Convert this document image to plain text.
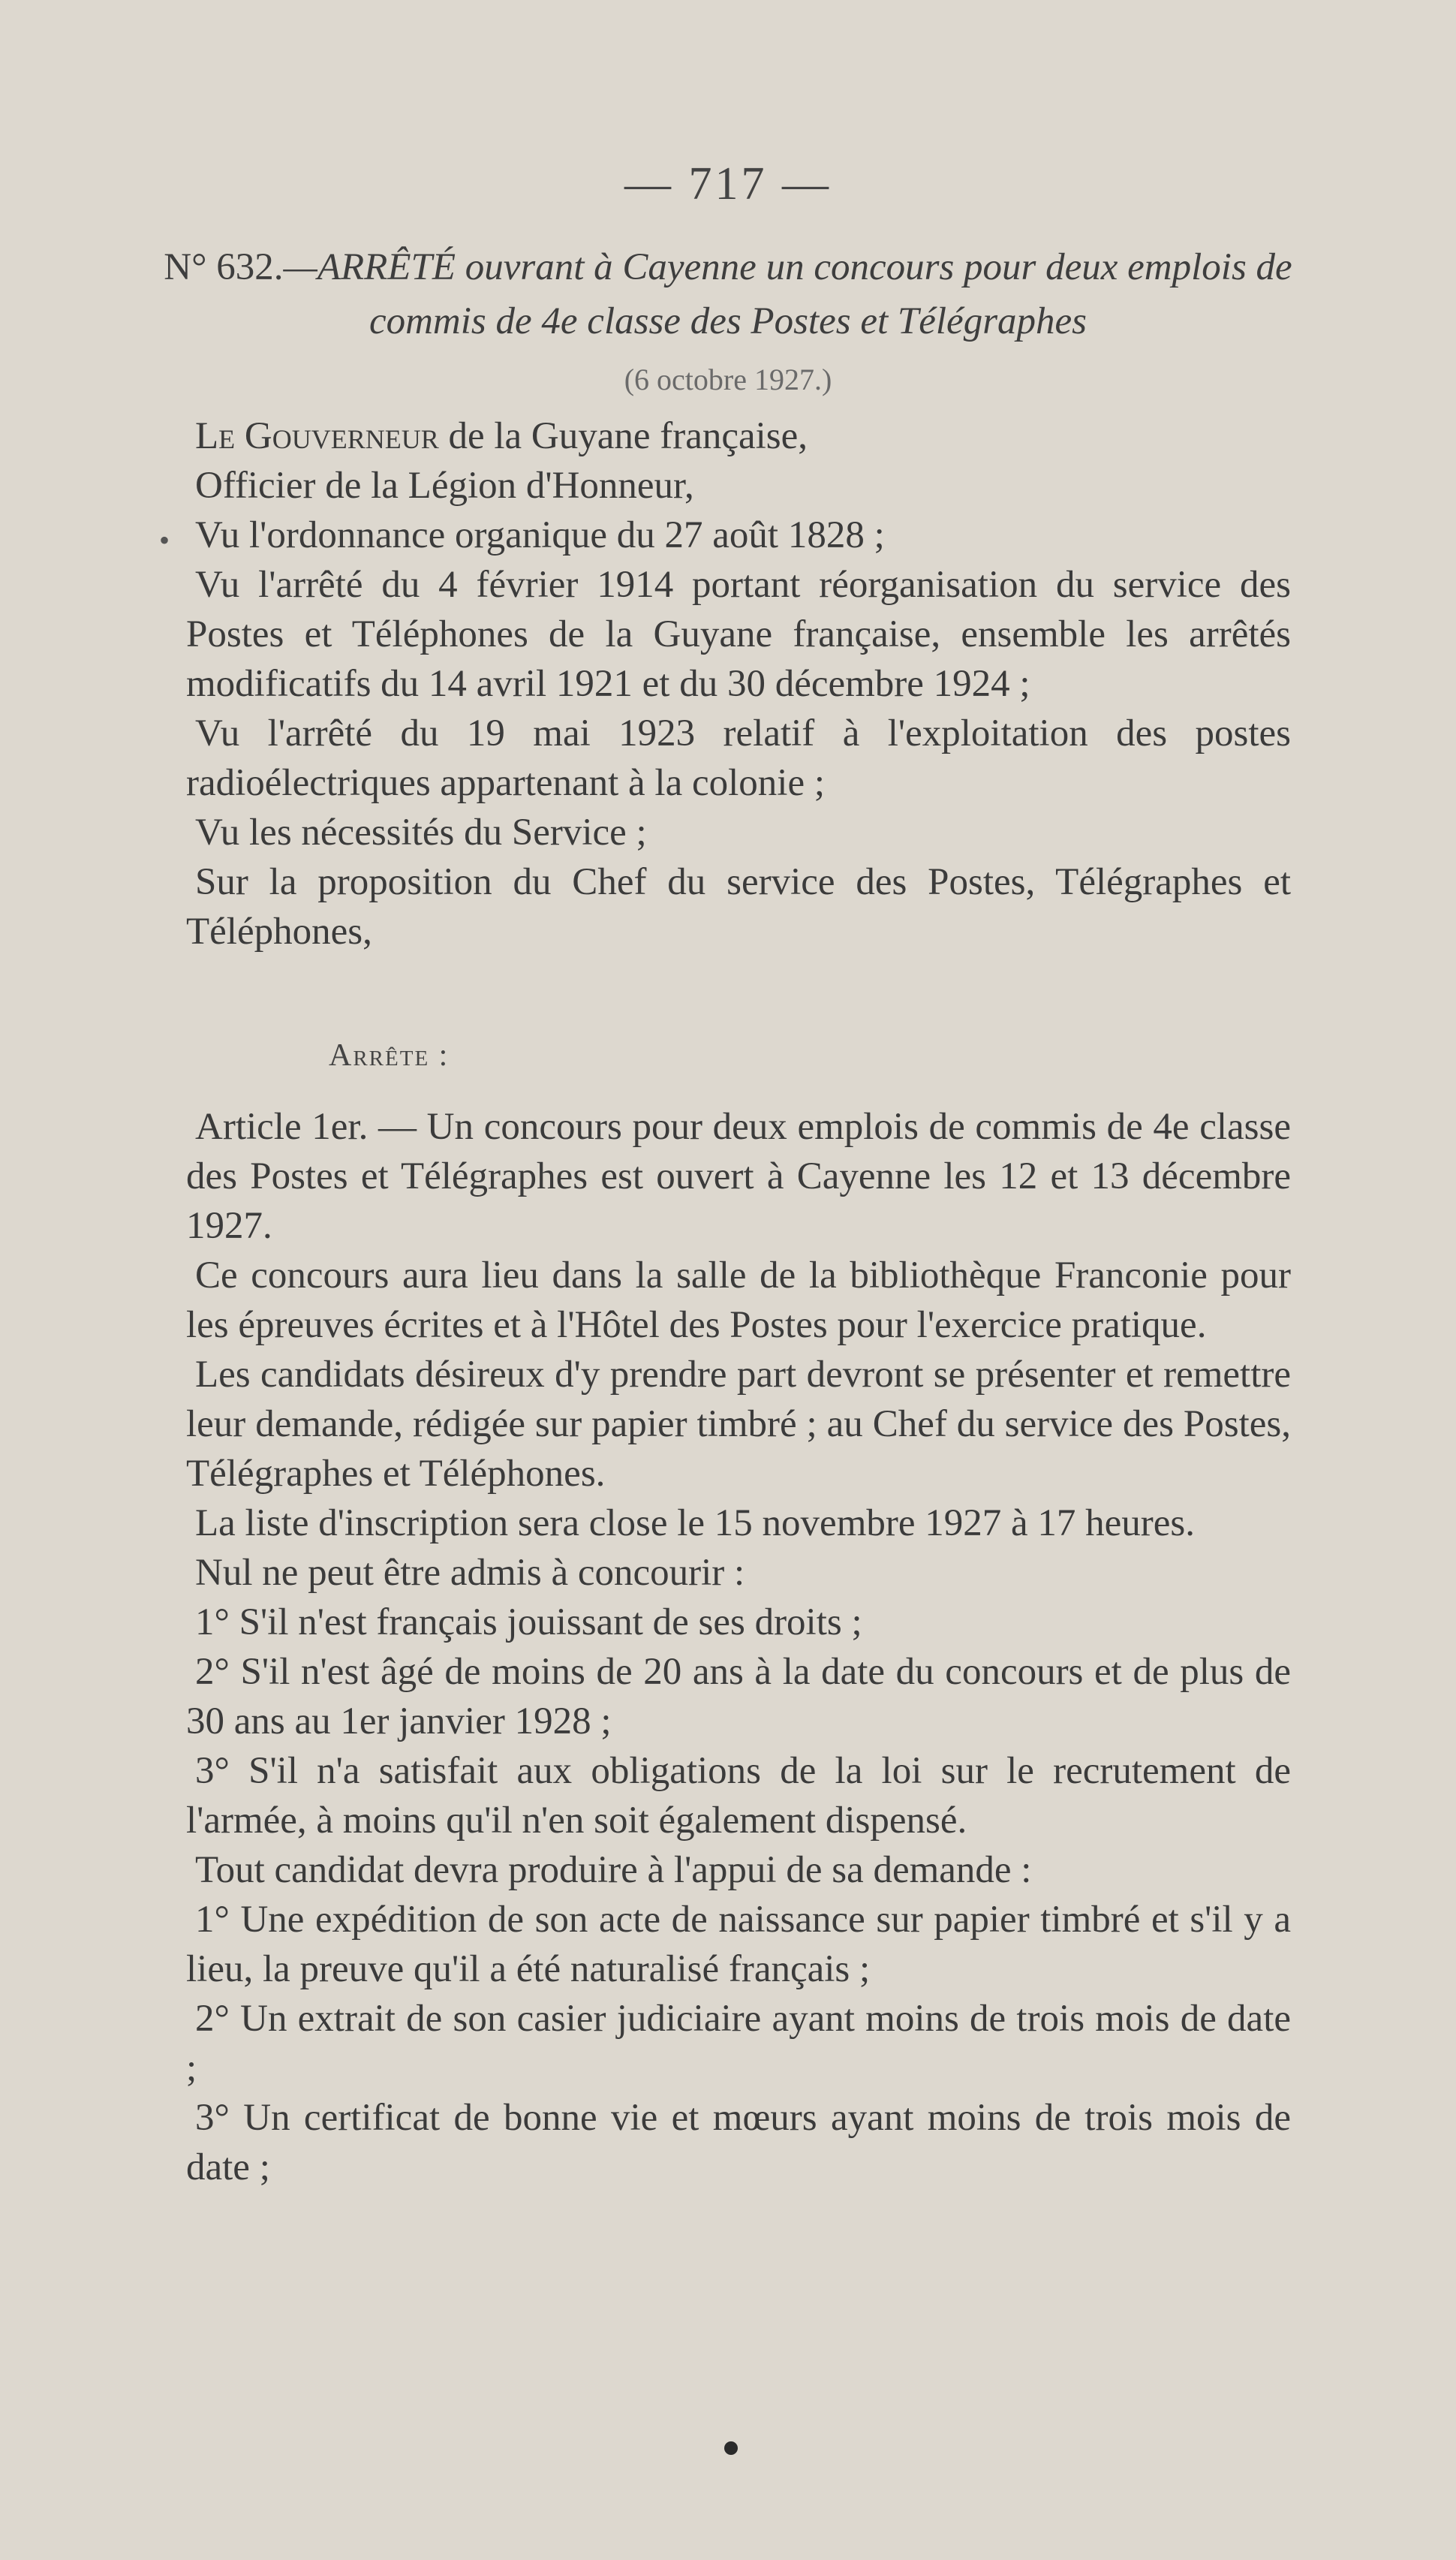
— 717 —
N° 632.—ARRÊTÉ ouvrant à Cayenne un concours pour deux emplois de commis de 4e classe des Postes et Télégraphes
(6 octobre 1927.)
•

Le Gouverneur de la Guyane française,

Officier de la Légion d'Honneur,

Vu l'ordonnance organique du 27 août 1828 ;

Vu l'arrêté du 4 février 1914 portant réorganisation du service des Postes et Téléphones de la Guyane française, ensemble les arrêtés modificatifs du 14 avril 1921 et du 30 décembre 1924 ;

Vu l'arrêté du 19 mai 1923 relatif à l'exploitation des postes radioélectriques appartenant à la colonie ;

Vu les nécessités du Service ;

Sur la proposition du Chef du service des Postes, Télégraphes et Téléphones,

Arrête :

Article 1er. — Un concours pour deux emplois de commis de 4e classe des Postes et Télégraphes est ouvert à Cayenne les 12 et 13 décembre 1927.

Ce concours aura lieu dans la salle de la bibliothèque Franconie pour les épreuves écrites et à l'Hôtel des Postes pour l'exercice pratique.

Les candidats désireux d'y prendre part devront se présenter et remettre leur demande, rédigée sur papier timbré ; au Chef du service des Postes, Télégraphes et Téléphones.

La liste d'inscription sera close le 15 novembre 1927 à 17 heures.

Nul ne peut être admis à concourir :

1° S'il n'est français jouissant de ses droits ;

2° S'il n'est âgé de moins de 20 ans à la date du concours et de plus de 30 ans au 1er janvier 1928 ;

3° S'il n'a satisfait aux obligations de la loi sur le recrutement de l'armée, à moins qu'il n'en soit également dispensé.

Tout candidat devra produire à l'appui de sa demande :

1° Une expédition de son acte de naissance sur papier timbré et s'il y a lieu, la preuve qu'il a été naturalisé français ;

2° Un extrait de son casier judiciaire ayant moins de trois mois de date ;

3° Un certificat de bonne vie et mœurs ayant moins de trois mois de date ;
